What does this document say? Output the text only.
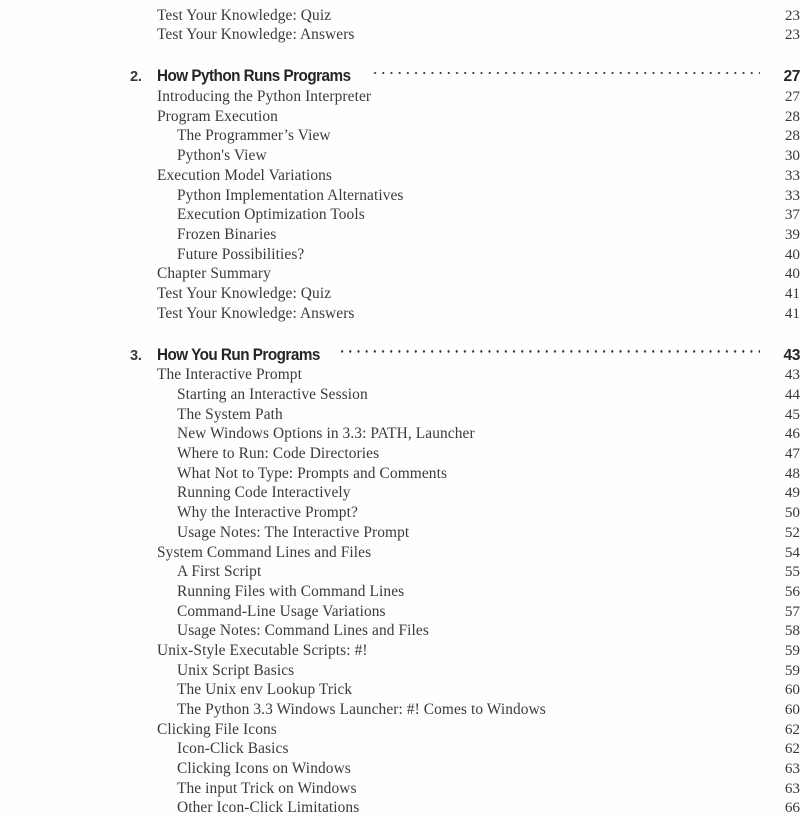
Test Your Knowledge: Quiz	23
Test Your Knowledge: Answers	23
2. How Python Runs Programs	27
Introducing the Python Interpreter	27
Program Execution	28
The Programmer’s View	28
Python's View	30
Execution Model Variations	33
Python Implementation Alternatives	33
Execution Optimization Tools	37
Frozen Binaries	39
Future Possibilities?	40
Chapter Summary	40
Test Your Knowledge: Quiz	41
Test Your Knowledge: Answers	41
3. How You Run Programs	43
The Interactive Prompt	43
Starting an Interactive Session	44
The System Path	45
New Windows Options in 3.3: PATH, Launcher	46
Where to Run: Code Directories	47
What Not to Type: Prompts and Comments	48
Running Code Interactively	49
Why the Interactive Prompt?	50
Usage Notes: The Interactive Prompt	52
System Command Lines and Files	54
A First Script	55
Running Files with Command Lines	56
Command-Line Usage Variations	57
Usage Notes: Command Lines and Files	58
Unix-Style Executable Scripts: #!	59
Unix Script Basics	59
The Unix env Lookup Trick	60
The Python 3.3 Windows Launcher: #! Comes to Windows	60
Clicking File Icons	62
Icon-Click Basics	62
Clicking Icons on Windows	63
The input Trick on Windows	63
Other Icon-Click Limitations	66
